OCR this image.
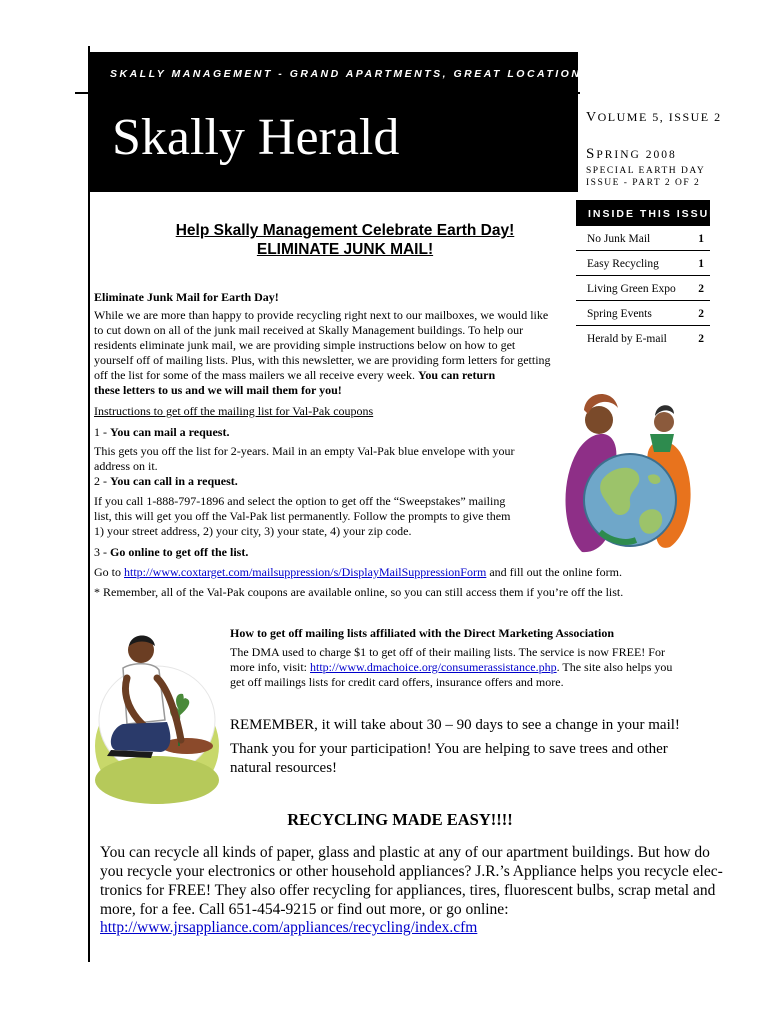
SKALLY MANAGEMENT - GRAND APARTMENTS, GREAT LOCATION!
Skally Herald	VOLUME 5, ISSUE 2
SPRING 2008
SPECIAL EARTH DAY
ISSUE - PART 2 OF 2
INSIDE THIS ISSUE:
No Junk Mail	1
Easy Recycling	1
Living Green Expo 2
Spring Events	2
Herald by E-mail	2
Help Skally Management Celebrate Earth Day!
ELIMINATE JUNK MAIL!
Eliminate Junk Mail for Earth Day!
While we are more than happy to provide recycling right next to our mailboxes, we would like
to cut down on all of the junk mail received at Skally Management buildings. To help our
residents eliminate junk mail, we are providing simple instructions below on how to get
yourself off of mailing lists. Plus, with this newsletter, we are providing form letters for getting
off the list for some of the mass mailers we all receive every week. You can return
these letters to us and we will mail them for you!
Instructions to get off the mailing list for Val-Pak coupons
1 - You can mail a request.
This gets you off the list for 2-years. Mail in an empty Val-Pak blue envelope with your
address on it.
2 - You can call in a request.
If you call 1-888-797-1896 and select the option to get off the “Sweepstakes” mailing
list, this will get you off the Val-Pak list permanently. Follow the prompts to give them
1) your street address, 2) your city, 3) your state, 4) your zip code.
3 - Go online to get off the list.
Go to http://www.coxtarget.com/mailsuppression/s/DisplayMailSuppressionForm and fill out the online form.
* Remember, all of the Val-Pak coupons are available online, so you can still access them if you’re off the list.
How to get off mailing lists affiliated with the Direct Marketing Association
The DMA used to charge $1 to get off of their mailing lists. The service is now FREE! For
more info, visit: http://www.dmachoice.org/consumerassistance.php. The site also helps you
get off mailings lists for credit card offers, insurance offers and more.
REMEMBER, it will take about 30 – 90 days to see a change in your mail!
Thank you for your participation! You are helping to save trees and other
natural resources!
RECYCLING MADE EASY!!!!
You can recycle all kinds of paper, glass and plastic at any of our apartment buildings. But how do
you recycle your electronics or other household appliances? J.R.’s Appliance helps you recycle elec-
tronics for FREE! They also offer recycling for appliances, tires, fluorescent bulbs, scrap metal and
more, for a fee. Call 651-454-9215 or find out more, or go online:
http://www.jrsappliance.com/appliances/recycling/index.cfm
